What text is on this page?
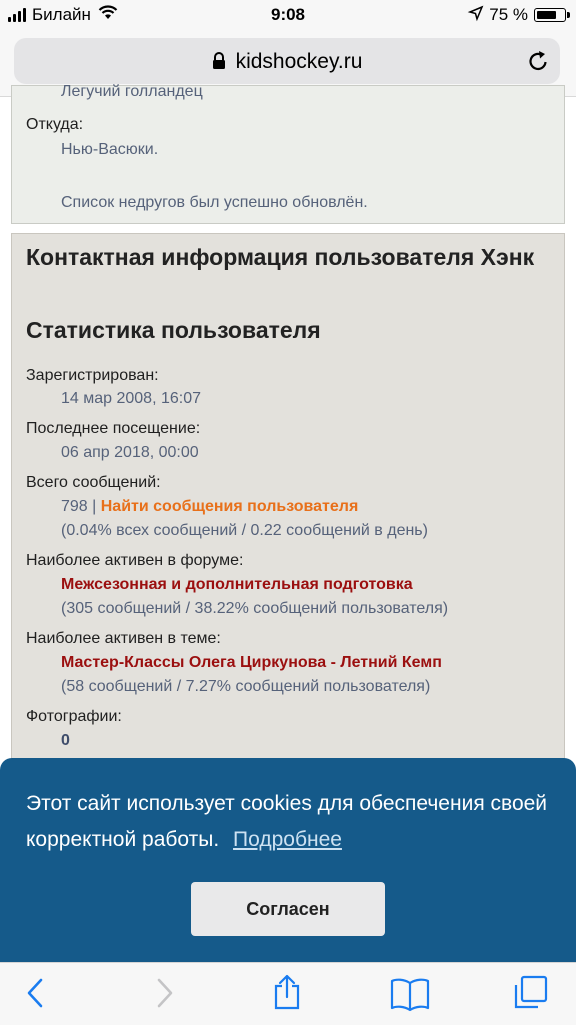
Билайн	9:08	75 %
kidshockey.ru
Легучий голландец
Откуда:
Нью-Васюки.
Список недругов был успешно обновлён.
Контактная информация пользователя Хэнк
Статистика пользователя
Зарегистрирован:
14 мар 2008, 16:07
Последнее посещение:
06 апр 2018, 00:00
Всего сообщений:
798 | Найти сообщения пользователя
(0.04% всех сообщений / 0.22 сообщений в день)
Наиболее активен в форуме:
Межсезонная и дополнительная подготовка
(305 сообщений / 38.22% сообщений пользователя)
Наиболее активен в теме:
Мастер-Классы Олега Циркунова - Летний Кемп
(58 сообщений / 7.27% сообщений пользователя)
Фотографии:
0
Этот сайт использует cookies для обеспечения своей корректной работы. Подробнее
Согласен
